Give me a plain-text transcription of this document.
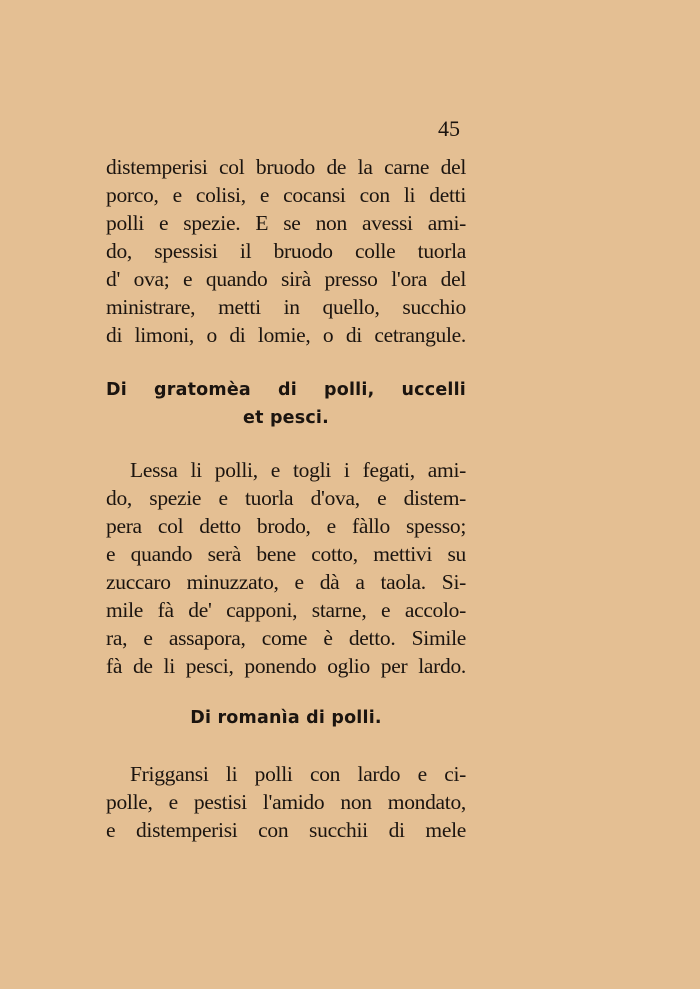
45
distemperisi col bruodo de la carne del
porco, e colisi, e cocansi con li detti
polli e spezie. E se non avessi ami-
do, spessisi il bruodo colle tuorla
d' ova; e quando sirà presso l'ora del
ministrare, metti in quello, succhio
di limoni, o di lomie, o di cetrangule.
Di gratomèa di polli, uccelli
et pesci.
Lessa li polli, e togli i fegati, ami-
do, spezie e tuorla d'ova, e distem-
pera col detto brodo, e fàllo spesso;
e quando serà bene cotto, mettivi su
zuccaro minuzzato, e dà a taola. Si-
mile fà de' capponi, starne, e accolo-
ra, e assapora, come è detto. Simile
fà de li pesci, ponendo oglio per lardo.
Di romanìa di polli.
Friggansi li polli con lardo e ci-
polle, e pestisi l'amido non mondato,
e distemperisi con succhii di mele
